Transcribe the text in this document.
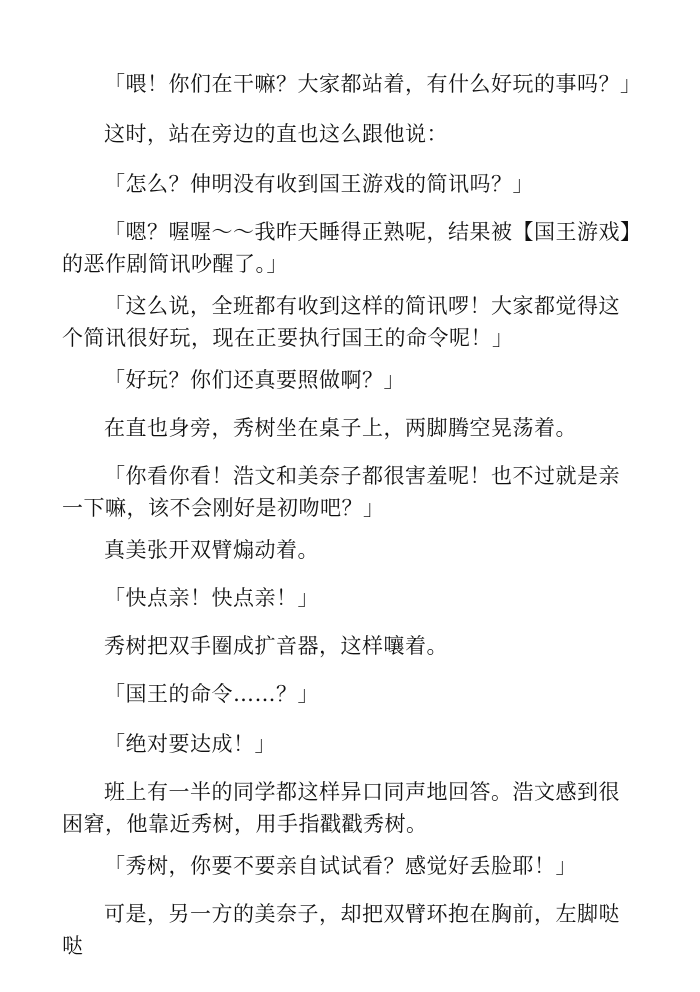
「喂！你们在干嘛？大家都站着，有什么好玩的事吗？」

这时，站在旁边的直也这么跟他说：

「怎么？伸明没有收到国王游戏的简讯吗？」

「嗯？喔喔～～我昨天睡得正熟呢，结果被【国王游戏】的恶作剧简讯吵醒了。」

「这么说，全班都有收到这样的简讯啰！大家都觉得这个简讯很好玩，现在正要执行国王的命令呢！」

「好玩？你们还真要照做啊？」

在直也身旁，秀树坐在桌子上，两脚腾空晃荡着。

「你看你看！浩文和美奈子都很害羞呢！也不过就是亲一下嘛，该不会刚好是初吻吧？」

真美张开双臂煽动着。

「快点亲！快点亲！」

秀树把双手圈成扩音器，这样嚷着。

「国王的命令……？」

「绝对要达成！」

班上有一半的同学都这样异口同声地回答。浩文感到很困窘，他靠近秀树，用手指戳戳秀树。

「秀树，你要不要亲自试试看？感觉好丢脸耶！」

可是，另一方的美奈子，却把双臂环抱在胸前，左脚哒哒
